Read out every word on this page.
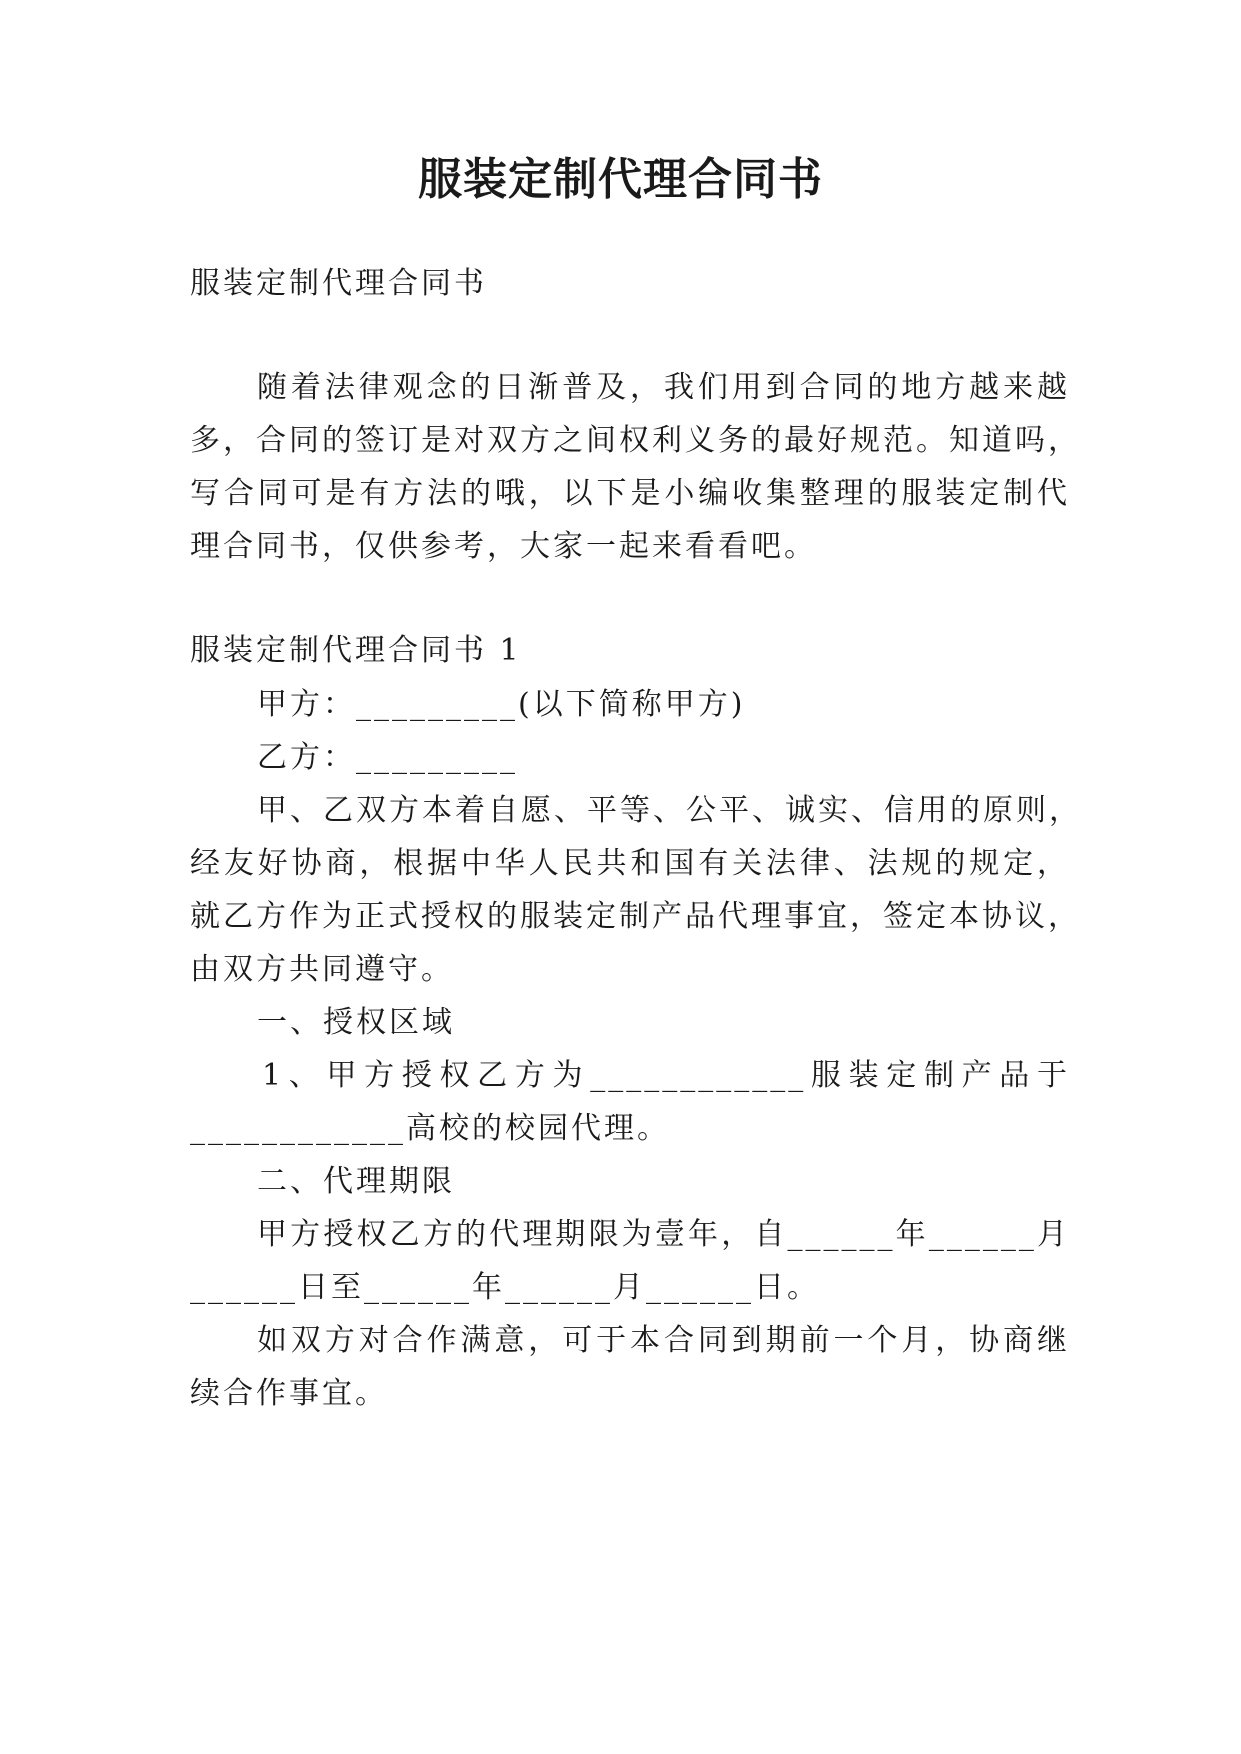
服装定制代理合同书
服装定制代理合同书
随着法律观念的日渐普及，我们用到合同的地方越来越
多，合同的签订是对双方之间权利义务的最好规范。知道吗，
写合同可是有方法的哦，以下是小编收集整理的服装定制代
理合同书，仅供参考，大家一起来看看吧。
服装定制代理合同书 1
甲方：_________(以下简称甲方)
乙方：_________
甲、乙双方本着自愿、平等、公平、诚实、信用的原则，
经友好协商，根据中华人民共和国有关法律、法规的规定，
就乙方作为正式授权的服装定制产品代理事宜，签定本协议，
由双方共同遵守。
一、授权区域
1、甲方授权乙方为____________服装定制产品于
____________高校的校园代理。
二、代理期限
甲方授权乙方的代理期限为壹年，自______年______月
______日至______年______月______日。
如双方对合作满意，可于本合同到期前一个月，协商继
续合作事宜。
